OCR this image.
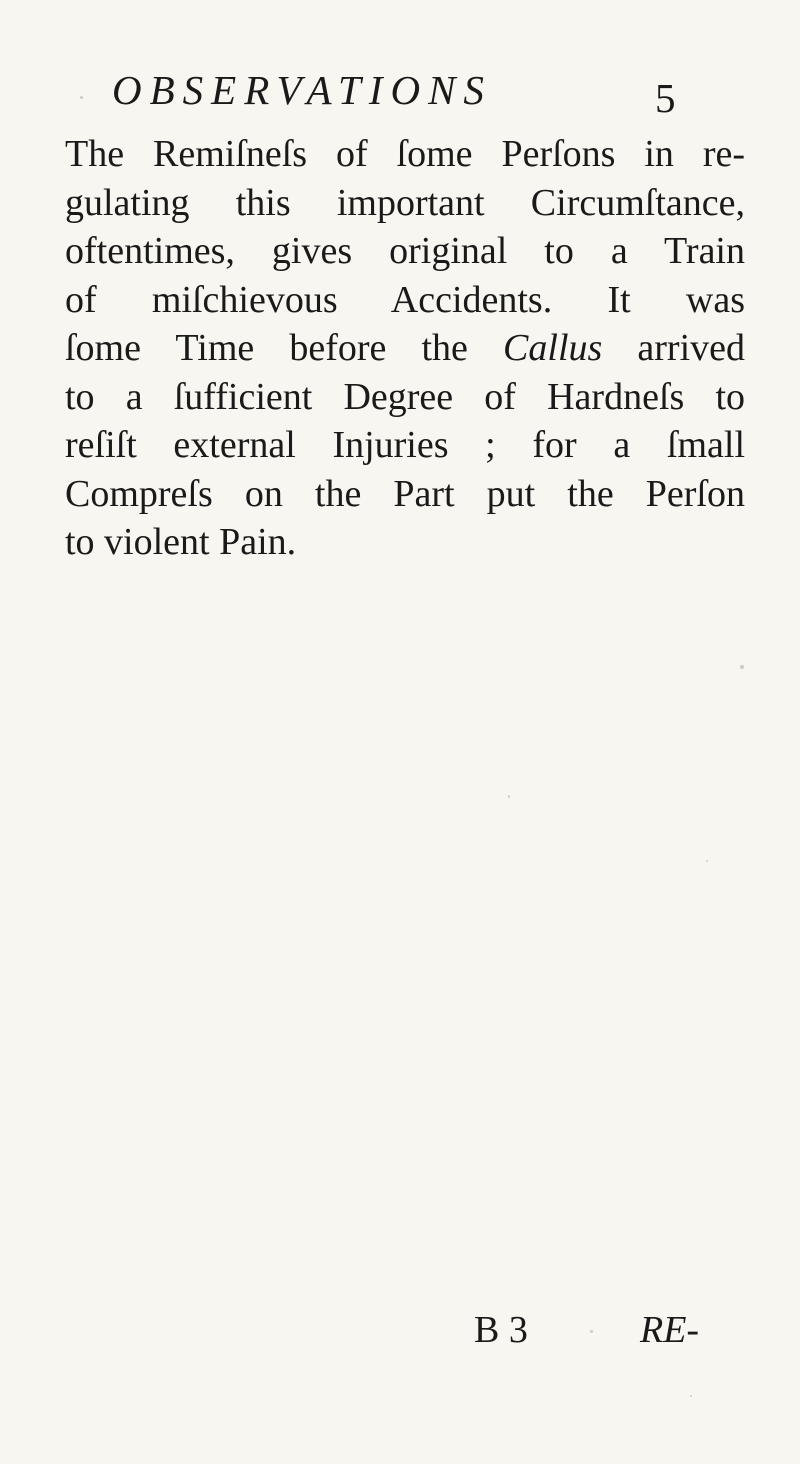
OBSERVATIONS	5
The Remiſneſs of ſome Perſons in re-
gulating this important Circumſtance,
oftentimes, gives original to a Train
of miſchievous Accidents. It was
ſome Time before the Callus arrived
to a ſufficient Degree of Hardneſs to
reſiſt external Injuries ; for a ſmall
Compreſs on the Part put the Perſon
to violent Pain.
B 3	RE-
